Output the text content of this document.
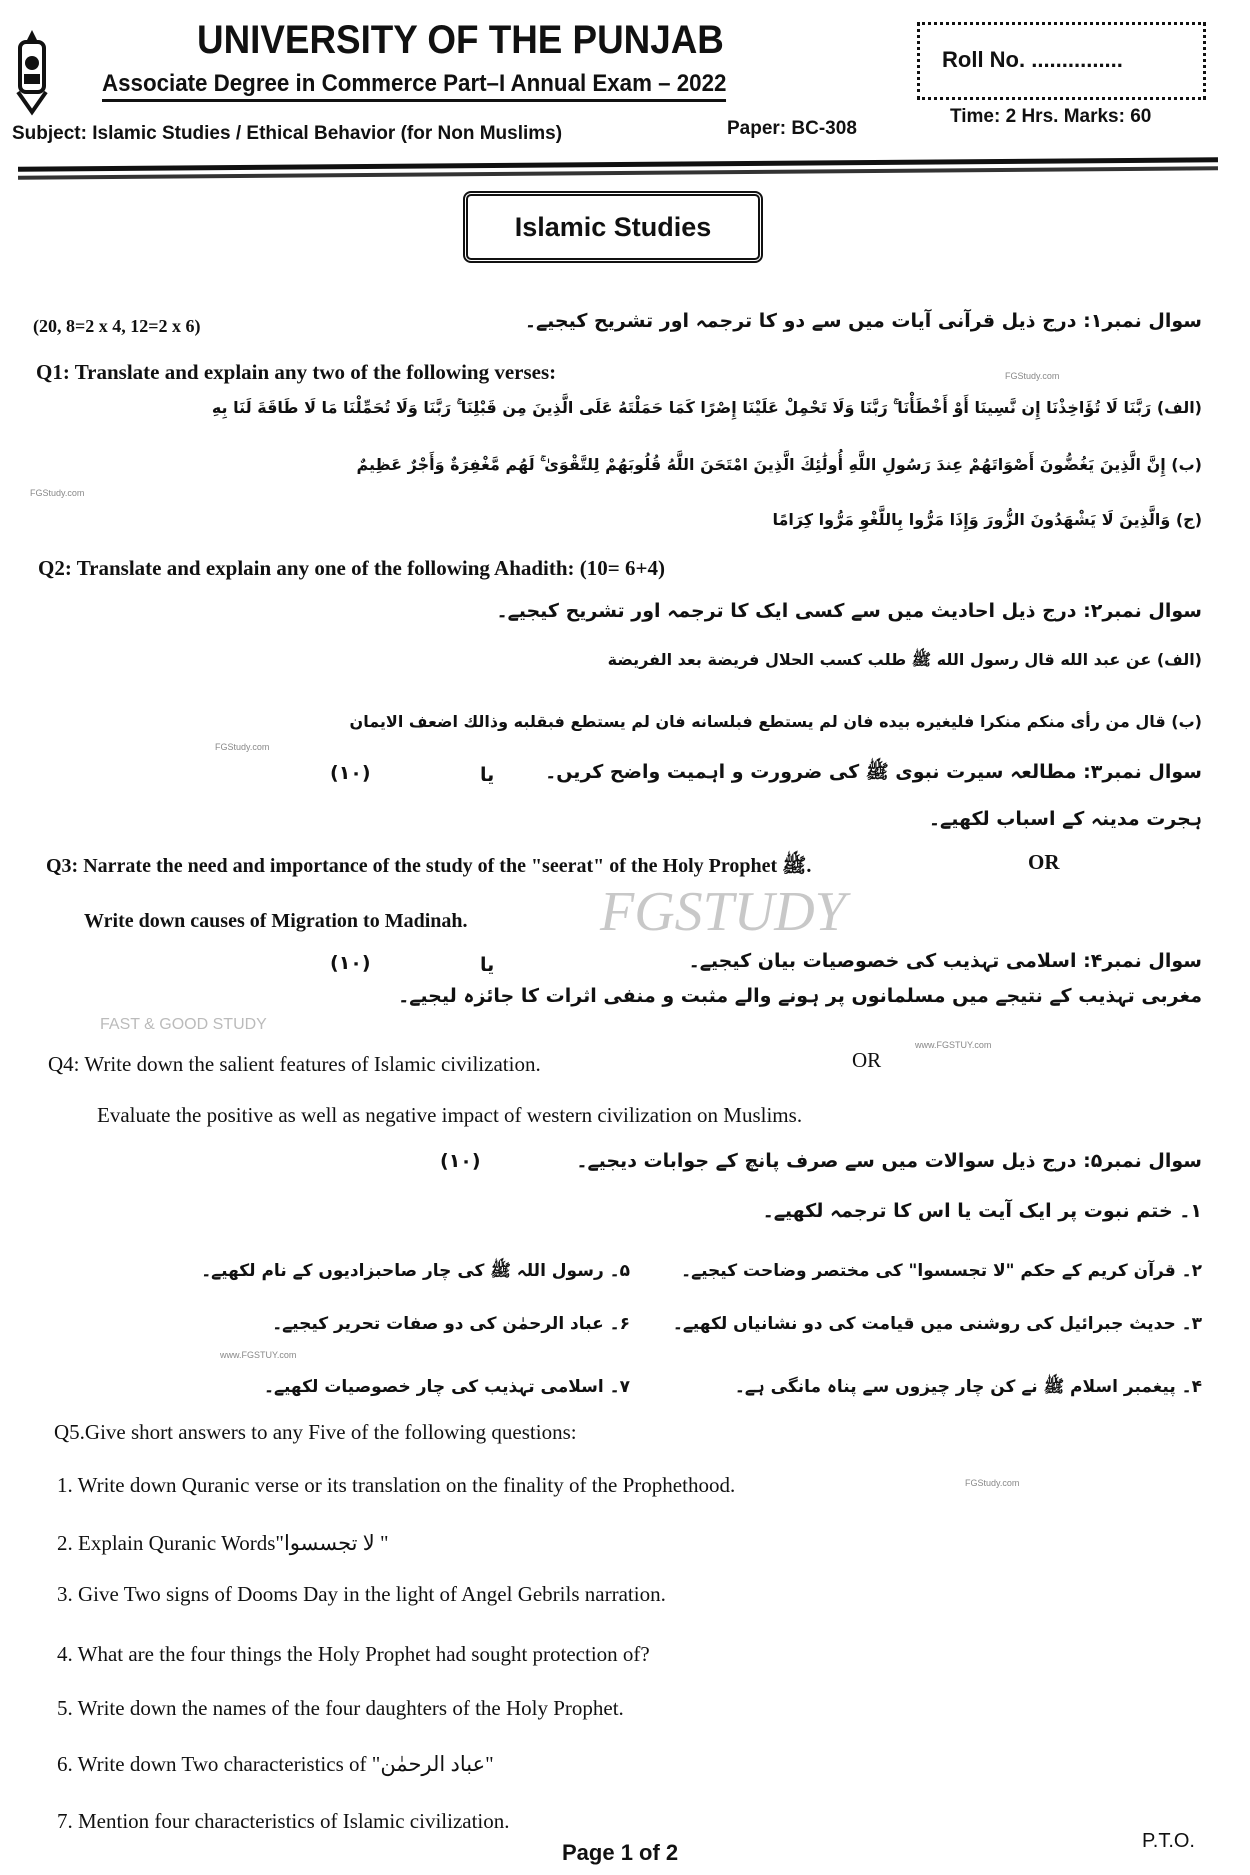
UNIVERSITY OF THE PUNJAB
Associate Degree in Commerce Part–I Annual Exam – 2022
Subject: Islamic Studies / Ethical Behavior (for Non Muslims)	Paper: BC-308
Roll No. ...............
Time: 2 Hrs. Marks: 60
Islamic Studies
FGSTUDY
FGStudy.com
FGStudy.com
FGStudy.com
www.FGSTUY.com
www.FGSTUY.com
FGStudy.com
FAST & GOOD STUDY
(20, 8=2 x 4, 12=2 x 6)	سوال نمبر۱: درج ذیل قرآنی آیات میں سے دو کا ترجمہ اور تشریح کیجیے۔
Q1: Translate and explain any two of the following verses:
(الف) رَبَّنَا لَا تُؤَاخِذْنَا إِن نَّسِينَا أَوْ أَخْطَأْنَا ۚ رَبَّنَا وَلَا تَحْمِلْ عَلَيْنَا إِصْرًا كَمَا حَمَلْتَهُ عَلَى الَّذِينَ مِن قَبْلِنَا ۚ رَبَّنَا وَلَا تُحَمِّلْنَا مَا لَا طَاقَةَ لَنَا بِهِ
(ب) إِنَّ الَّذِينَ يَغُضُّونَ أَصْوَاتَهُمْ عِندَ رَسُولِ اللَّهِ أُولَٰئِكَ الَّذِينَ امْتَحَنَ اللَّهُ قُلُوبَهُمْ لِلتَّقْوَىٰ ۚ لَهُم مَّغْفِرَةٌ وَأَجْرٌ عَظِيمٌ
(ج) وَالَّذِينَ لَا يَشْهَدُونَ الزُّورَ وَإِذَا مَرُّوا بِاللَّغْوِ مَرُّوا كِرَامًا
Q2: Translate and explain any one of the following Ahadith: (10= 6+4)
سوال نمبر۲: درج ذیل احادیث میں سے کسی ایک کا ترجمہ اور تشریح کیجیے۔
(الف) عن عبد الله قال رسول الله ﷺ طلب كسب الحلال فريضة بعد الفريضة
(ب) قال من رأى منكم منكرا فليغيره بيده فان لم يستطع فبلسانه فان لم يستطع فبقلبه وذالك اضعف الايمان
سوال نمبر۳: مطالعہ سیرت نبوی ﷺ کی ضرورت و اہمیت واضح کریں۔
(۱۰)	یا
ہجرت مدینہ کے اسباب لکھیے۔
Q3: Narrate the need and importance of the study of the "seerat" of the Holy Prophet ﷺ.	OR
Write down causes of Migration to Madinah.
سوال نمبر۴: اسلامی تہذیب کی خصوصیات بیان کیجیے۔
(۱۰)	یا
مغربی تہذیب کے نتیجے میں مسلمانوں پر ہونے والے مثبت و منفی اثرات کا جائزہ لیجیے۔
Q4: Write down the salient features of Islamic civilization.	OR
Evaluate the positive as well as negative impact of western civilization on Muslims.
سوال نمبر۵: درج ذیل سوالات میں سے صرف پانچ کے جوابات دیجیے۔
(۱۰)
۱۔ ختم نبوت پر ایک آیت یا اس کا ترجمہ لکھیے۔
۲۔ قرآن کریم کے حکم "لا تجسسوا" کی مختصر وضاحت کیجیے۔
۳۔ حدیث جبرائیل کی روشنی میں قیامت کی دو نشانیاں لکھیے۔
۴۔ پیغمبر اسلام ﷺ نے کن چار چیزوں سے پناہ مانگی ہے۔
۵۔ رسول اللہ ﷺ کی چار صاحبزادیوں کے نام لکھیے۔
۶۔ عباد الرحمٰن کی دو صفات تحریر کیجیے۔
۷۔ اسلامی تہذیب کی چار خصوصیات لکھیے۔
Q5.Give short answers to any Five of the following questions:
1. Write down Quranic verse or its translation on the finality of the Prophethood.
2. Explain Quranic Words"لا تجسسوا "
3. Give Two signs of Dooms Day in the light of Angel Gebrils narration.
4. What are the four things the Holy Prophet had sought protection of?
5. Write down the names of the four daughters of the Holy Prophet.
6. Write down Two characteristics of "عباد الرحمٰن"
7. Mention four characteristics of Islamic civilization.
Page 1 of 2	P.T.O.
